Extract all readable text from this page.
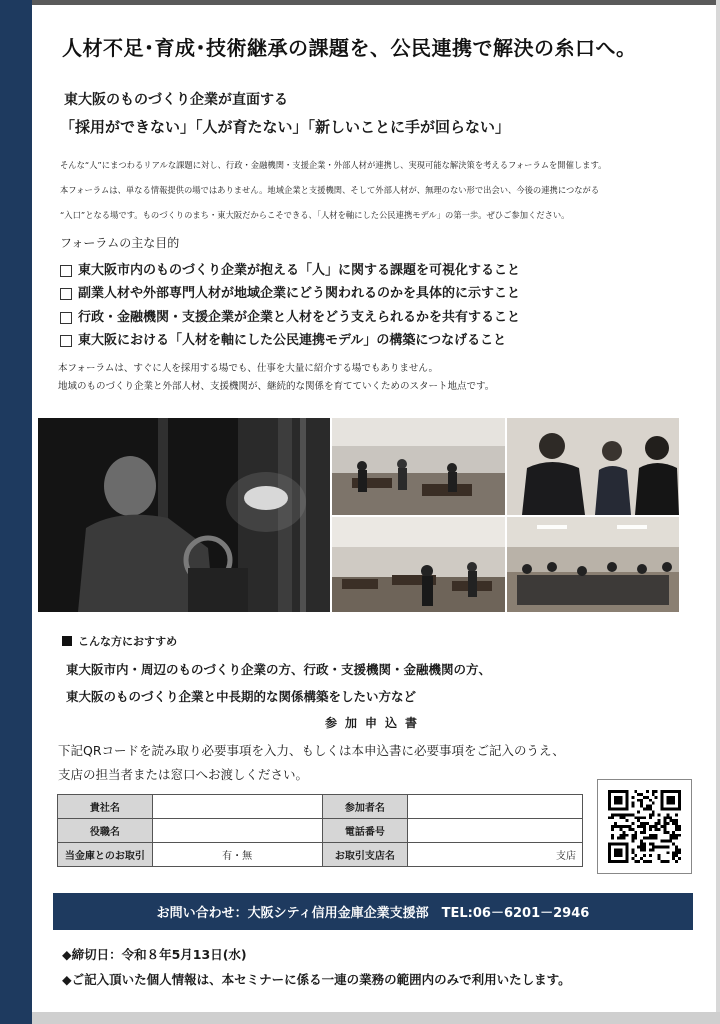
人材不足･育成･技術継承の課題を、公民連携で解決の糸口へ。
東大阪のものづくり企業が直面する
「採用ができない」「人が育たない」「新しいことに手が回らない」

そんな“人”にまつわるリアルな課題に対し、行政・金融機関・支援企業・外部人材が連携し、実現可能な解決策を考えるフォーラムを開催します。

本フォーラムは、単なる情報提供の場ではありません。地域企業と支援機関、そして外部人材が、無理のない形で出会い、今後の連携につながる

“入口”となる場です。ものづくりのまち・東大阪だからこそできる、「人材を軸にした公民連携モデル」の第一歩。ぜひご参加ください。

フォーラムの主な目的
東大阪市内のものづくり企業が抱える「人」に関する課題を可視化すること
副業人材や外部専門人材が地域企業にどう関われるのかを具体的に示すこと
行政・金融機関・支援企業が企業と人材をどう支えられるかを共有すること
東大阪における「人材を軸にした公民連携モデル」の構築につなげること

本フォーラムは、すぐに人を採用する場でも、仕事を大量に紹介する場でもありません。

地域のものづくり企業と外部人材、支援機関が、継続的な関係を育てていくためのスタート地点です。

こんな方におすすめ

東大阪市内・周辺のものづくり企業の方、行政・支援機関・金融機関の方、

東大阪のものづくり企業と中長期的な関係構築をしたい方など

参加申込書

下記QRコードを読み取り必要事項を入力、もしくは本申込書に必要事項をご記入のうえ、

支店の担当者または窓口へお渡しください。

貴社名		参加者名	
役職名		電話番号	
当金庫とのお取引	有・無	お取引支店名	支店
お問い合わせ：大阪シティ信用金庫企業支援部　TEL:06－6201－2946
◆締切日：令和８年5月13日(水)
◆ご記入頂いた個人情報は、本セミナーに係る一連の業務の範囲内のみで利用いたします。
